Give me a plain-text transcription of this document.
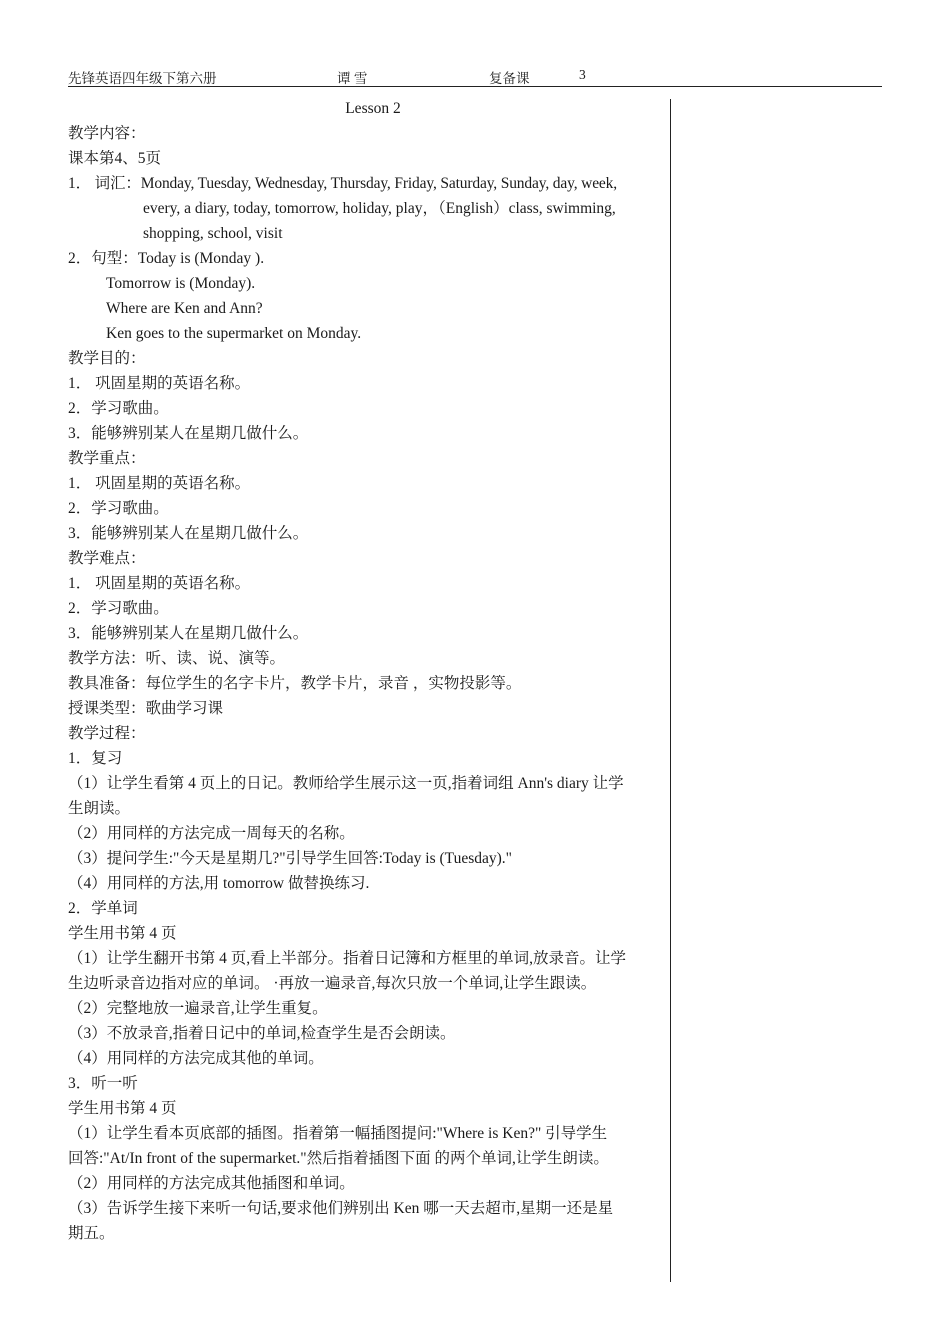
先锋英语四年级下第六册	谭 雪	复备课	3
Lesson 2
教学内容：
课本第4、5页
1． 词汇：Monday, Tuesday, Wednesday, Thursday, Friday, Saturday, Sunday, day, week,
every, a diary, today, tomorrow, holiday, play，（English）class, swimming,
shopping, school, visit
2．句型：Today is (Monday ).
Tomorrow is (Monday).
Where are Ken and Ann?
Ken goes to the supermarket on Monday.
教学目的：
1． 巩固星期的英语名称。
2．学习歌曲。
3．能够辨别某人在星期几做什么。
教学重点：
1． 巩固星期的英语名称。
2．学习歌曲。
3．能够辨别某人在星期几做什么。
教学难点：
1． 巩固星期的英语名称。
2．学习歌曲。
3．能够辨别某人在星期几做什么。
教学方法：听、读、说、演等。
教具准备：每位学生的名字卡片，教学卡片，录音 ，实物投影等。
授课类型：歌曲学习课
教学过程：
1．复习
（1）让学生看第 4 页上的日记。教师给学生展示这一页,指着词组 Ann's diary 让学
生朗读。
（2）用同样的方法完成一周每天的名称。
（3）提问学生:"今天是星期几?"引导学生回答:Today is (Tuesday)."
（4）用同样的方法,用 tomorrow 做替换练习.
2．学单词
学生用书第 4 页
（1）让学生翻开书第 4 页,看上半部分。指着日记簿和方框里的单词,放录音。让学
生边听录音边指对应的单词。 ·再放一遍录音,每次只放一个单词,让学生跟读。
（2）完整地放一遍录音,让学生重复。
（3）不放录音,指着日记中的单词,检查学生是否会朗读。
（4）用同样的方法完成其他的单词。
3．听一听
学生用书第 4 页
（1）让学生看本页底部的插图。指着第一幅插图提问:"Where is Ken?" 引导学生
回答:"At/In front of the supermarket."然后指着插图下面 的两个单词,让学生朗读。
（2）用同样的方法完成其他插图和单词。
（3）告诉学生接下来听一句话,要求他们辨别出 Ken 哪一天去超市,星期一还是星
期五。
